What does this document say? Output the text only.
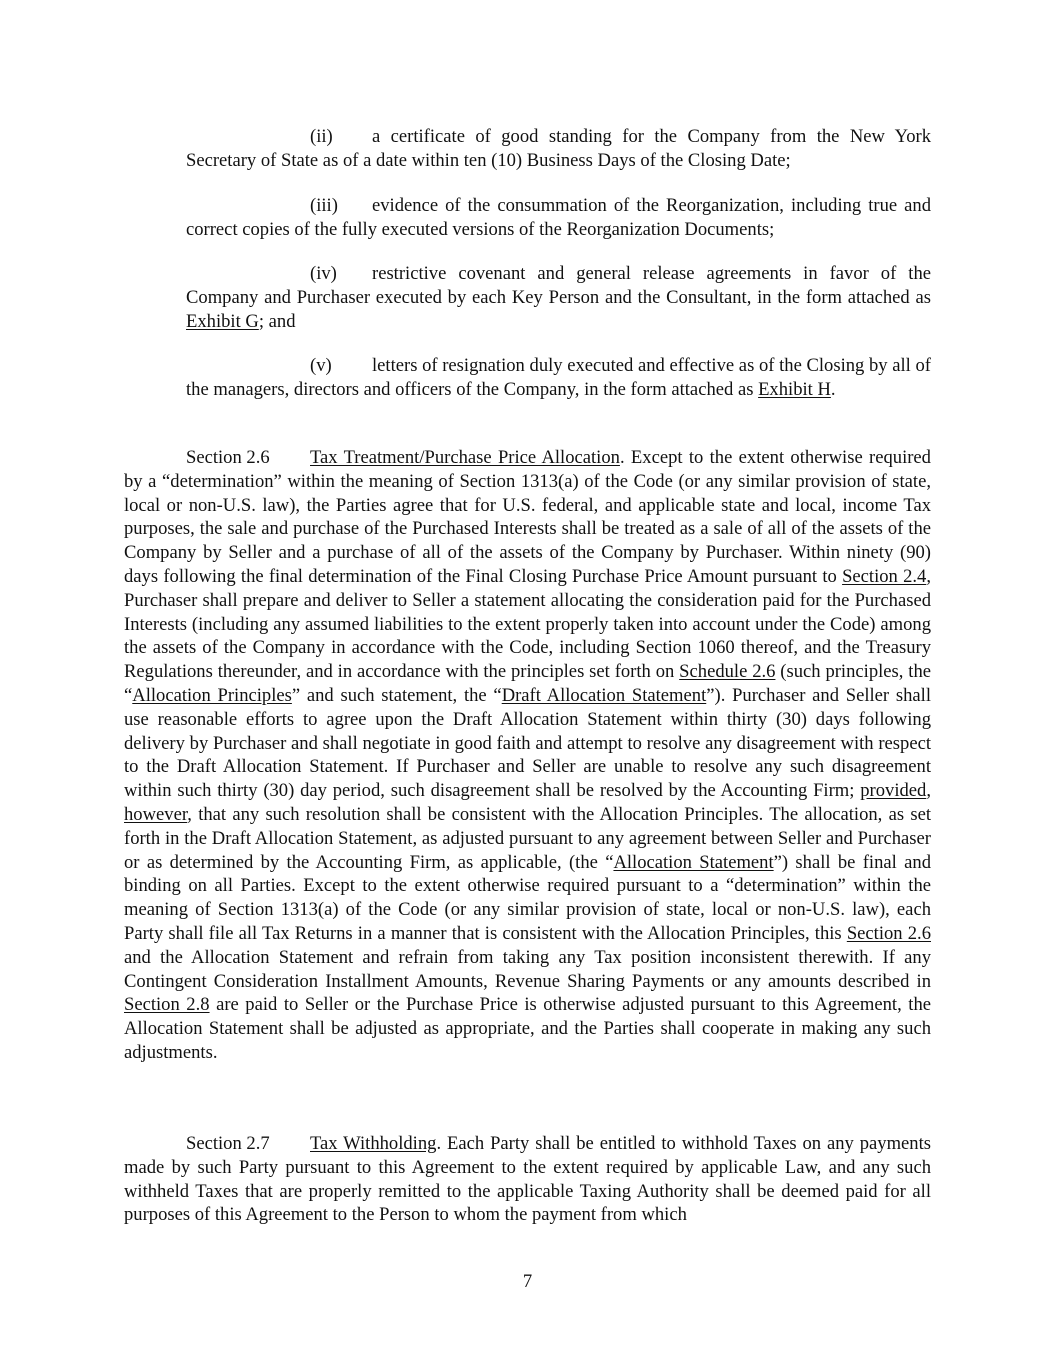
(ii) a certificate of good standing for the Company from the New York Secretary of State as of a date within ten (10) Business Days of the Closing Date;

(iii) evidence of the consummation of the Reorganization, including true and correct copies of the fully executed versions of the Reorganization Documents;

(iv) restrictive covenant and general release agreements in favor of the Company and Purchaser executed by each Key Person and the Consultant, in the form attached as Exhibit G; and

(v) letters of resignation duly executed and effective as of the Closing by all of the managers, directors and officers of the Company, in the form attached as Exhibit H.

Section 2.6 Tax Treatment/Purchase Price Allocation. Except to the extent otherwise required by a “determination” within the meaning of Section 1313(a) of the Code (or any similar provision of state, local or non-U.S. law), the Parties agree that for U.S. federal, and applicable state and local, income Tax purposes, the sale and purchase of the Purchased Interests shall be treated as a sale of all of the assets of the Company by Seller and a purchase of all of the assets of the Company by Purchaser. Within ninety (90) days following the final determination of the Final Closing Purchase Price Amount pursuant to Section 2.4, Purchaser shall prepare and deliver to Seller a statement allocating the consideration paid for the Purchased Interests (including any assumed liabilities to the extent properly taken into account under the Code) among the assets of the Company in accordance with the Code, including Section 1060 thereof, and the Treasury Regulations thereunder, and in accordance with the principles set forth on Schedule 2.6 (such principles, the “Allocation Principles” and such statement, the “Draft Allocation Statement”). Purchaser and Seller shall use reasonable efforts to agree upon the Draft Allocation Statement within thirty (30) days following delivery by Purchaser and shall negotiate in good faith and attempt to resolve any disagreement with respect to the Draft Allocation Statement. If Purchaser and Seller are unable to resolve any such disagreement within such thirty (30) day period, such disagreement shall be resolved by the Accounting Firm; provided, however, that any such resolution shall be consistent with the Allocation Principles. The allocation, as set forth in the Draft Allocation Statement, as adjusted pursuant to any agreement between Seller and Purchaser or as determined by the Accounting Firm, as applicable, (the “Allocation Statement”) shall be final and binding on all Parties. Except to the extent otherwise required pursuant to a “determination” within the meaning of Section 1313(a) of the Code (or any similar provision of state, local or non-U.S. law), each Party shall file all Tax Returns in a manner that is consistent with the Allocation Principles, this Section 2.6 and the Allocation Statement and refrain from taking any Tax position inconsistent therewith. If any Contingent Consideration Installment Amounts, Revenue Sharing Payments or any amounts described in Section 2.8 are paid to Seller or the Purchase Price is otherwise adjusted pursuant to this Agreement, the Allocation Statement shall be adjusted as appropriate, and the Parties shall cooperate in making any such adjustments.

Section 2.7 Tax Withholding. Each Party shall be entitled to withhold Taxes on any payments made by such Party pursuant to this Agreement to the extent required by applicable Law, and any such withheld Taxes that are properly remitted to the applicable Taxing Authority shall be deemed paid for all purposes of this Agreement to the Person to whom the payment from which

7
